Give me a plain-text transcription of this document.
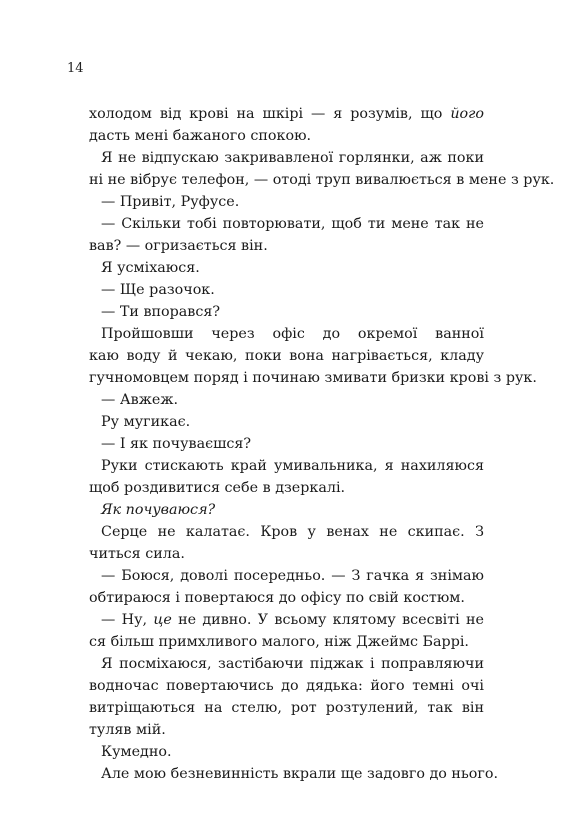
14
холодом від крові на шкірі — я розумів, що його
дасть мені бажаного спокою.
Я не відпускаю закривавленої горлянки, аж поки
ні не вібрує телефон, — отоді труп вивалюється в мене з рук.
— Привіт, Руфусе.
— Скільки тобі повторювати, щоб ти мене так не
вав? — огризається він.
Я усміхаюся.
— Ще разочок.
— Ти впорався?
Пройшовши через офіс до окремої ванної
каю воду й чекаю, поки вона нагрівається, кладу
гучномовцем поряд і починаю змивати бризки крові з рук.
— Авжеж.
Ру мугикає.
— І як почуваєшся?
Руки стискають край умивальника, я нахиляюся
щоб роздивитися себе в дзеркалі.
Як почуваюся?
Серце не калатає. Кров у венах не скипає. З
читься сила.
— Боюся, доволі посередньо. — З гачка я знімаю
обтираюся і повертаюся до офісу по свій костюм.
— Ну, це не дивно. У всьому клятому всесвіті не
ся більш примхливого малого, ніж Джеймс Баррі.
Я посміхаюся, застібаючи піджак і поправляючи
водночас повертаючись до дядька: його темні очі
витріщаються на стелю, рот розтулений, так він
туляв мій.
Кумедно.
Але мою безневинність вкрали ще задовго до нього.
